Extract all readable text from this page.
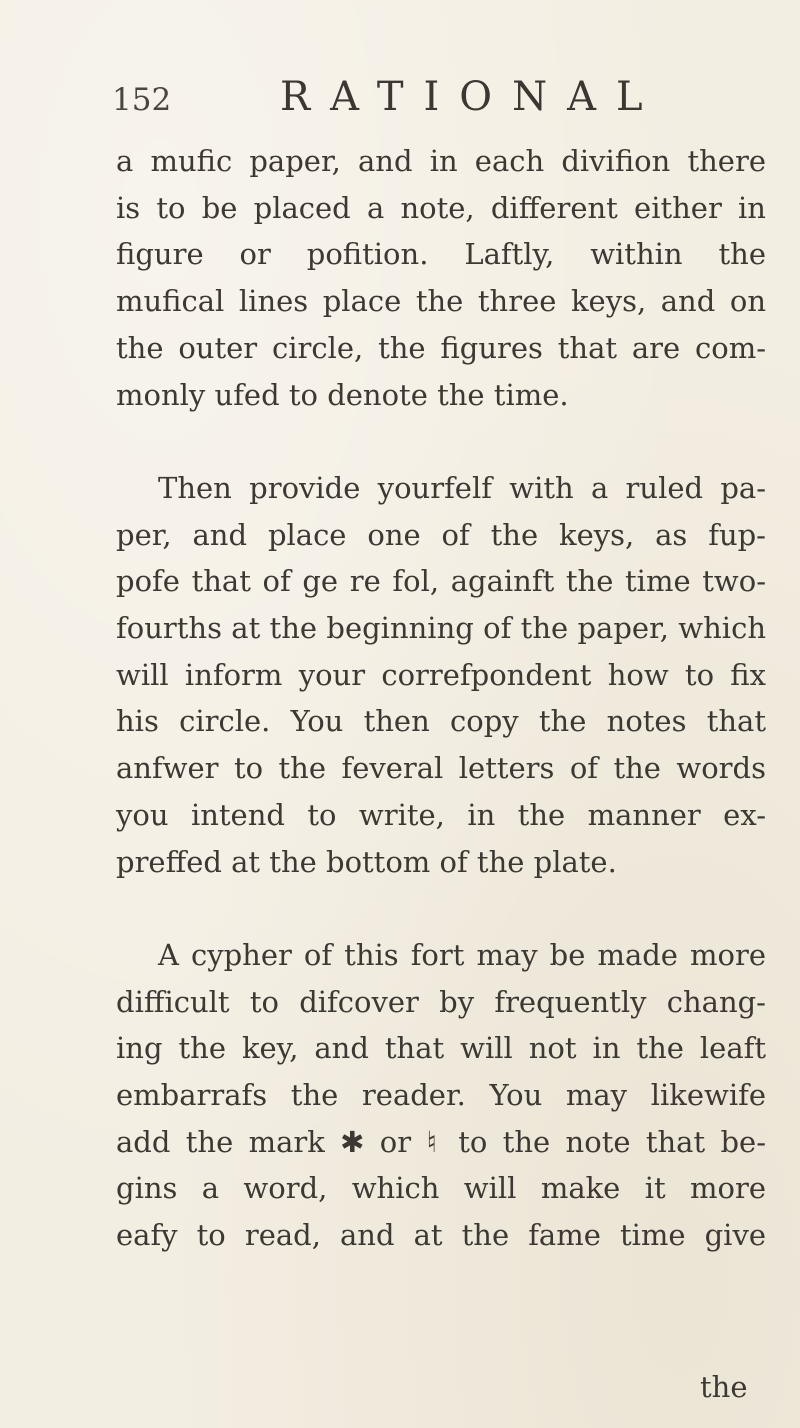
152	RATIONAL
a mufic paper, and in each divifion there
is to be placed a note, different either in
figure or pofition. Laftly, within the
mufical lines place the three keys, and on
the outer circle, the figures that are com-
monly ufed to denote the time.
Then provide yourfelf with a ruled pa-
per, and place one of the keys, as fup-
pofe that of ge re fol, againft the time two-
fourths at the beginning of the paper, which
will inform your correfpondent how to fix
his circle. You then copy the notes that
anfwer to the feveral letters of the words
you intend to write, in the manner ex-
preffed at the bottom of the plate.
A cypher of this fort may be made more
difficult to difcover by frequently chang-
ing the key, and that will not in the leaft
embarrafs the reader. You may likewife
add the mark ✱ or ♮ to the note that be-
gins a word, which will make it more
eafy to read, and at the fame time give
the
